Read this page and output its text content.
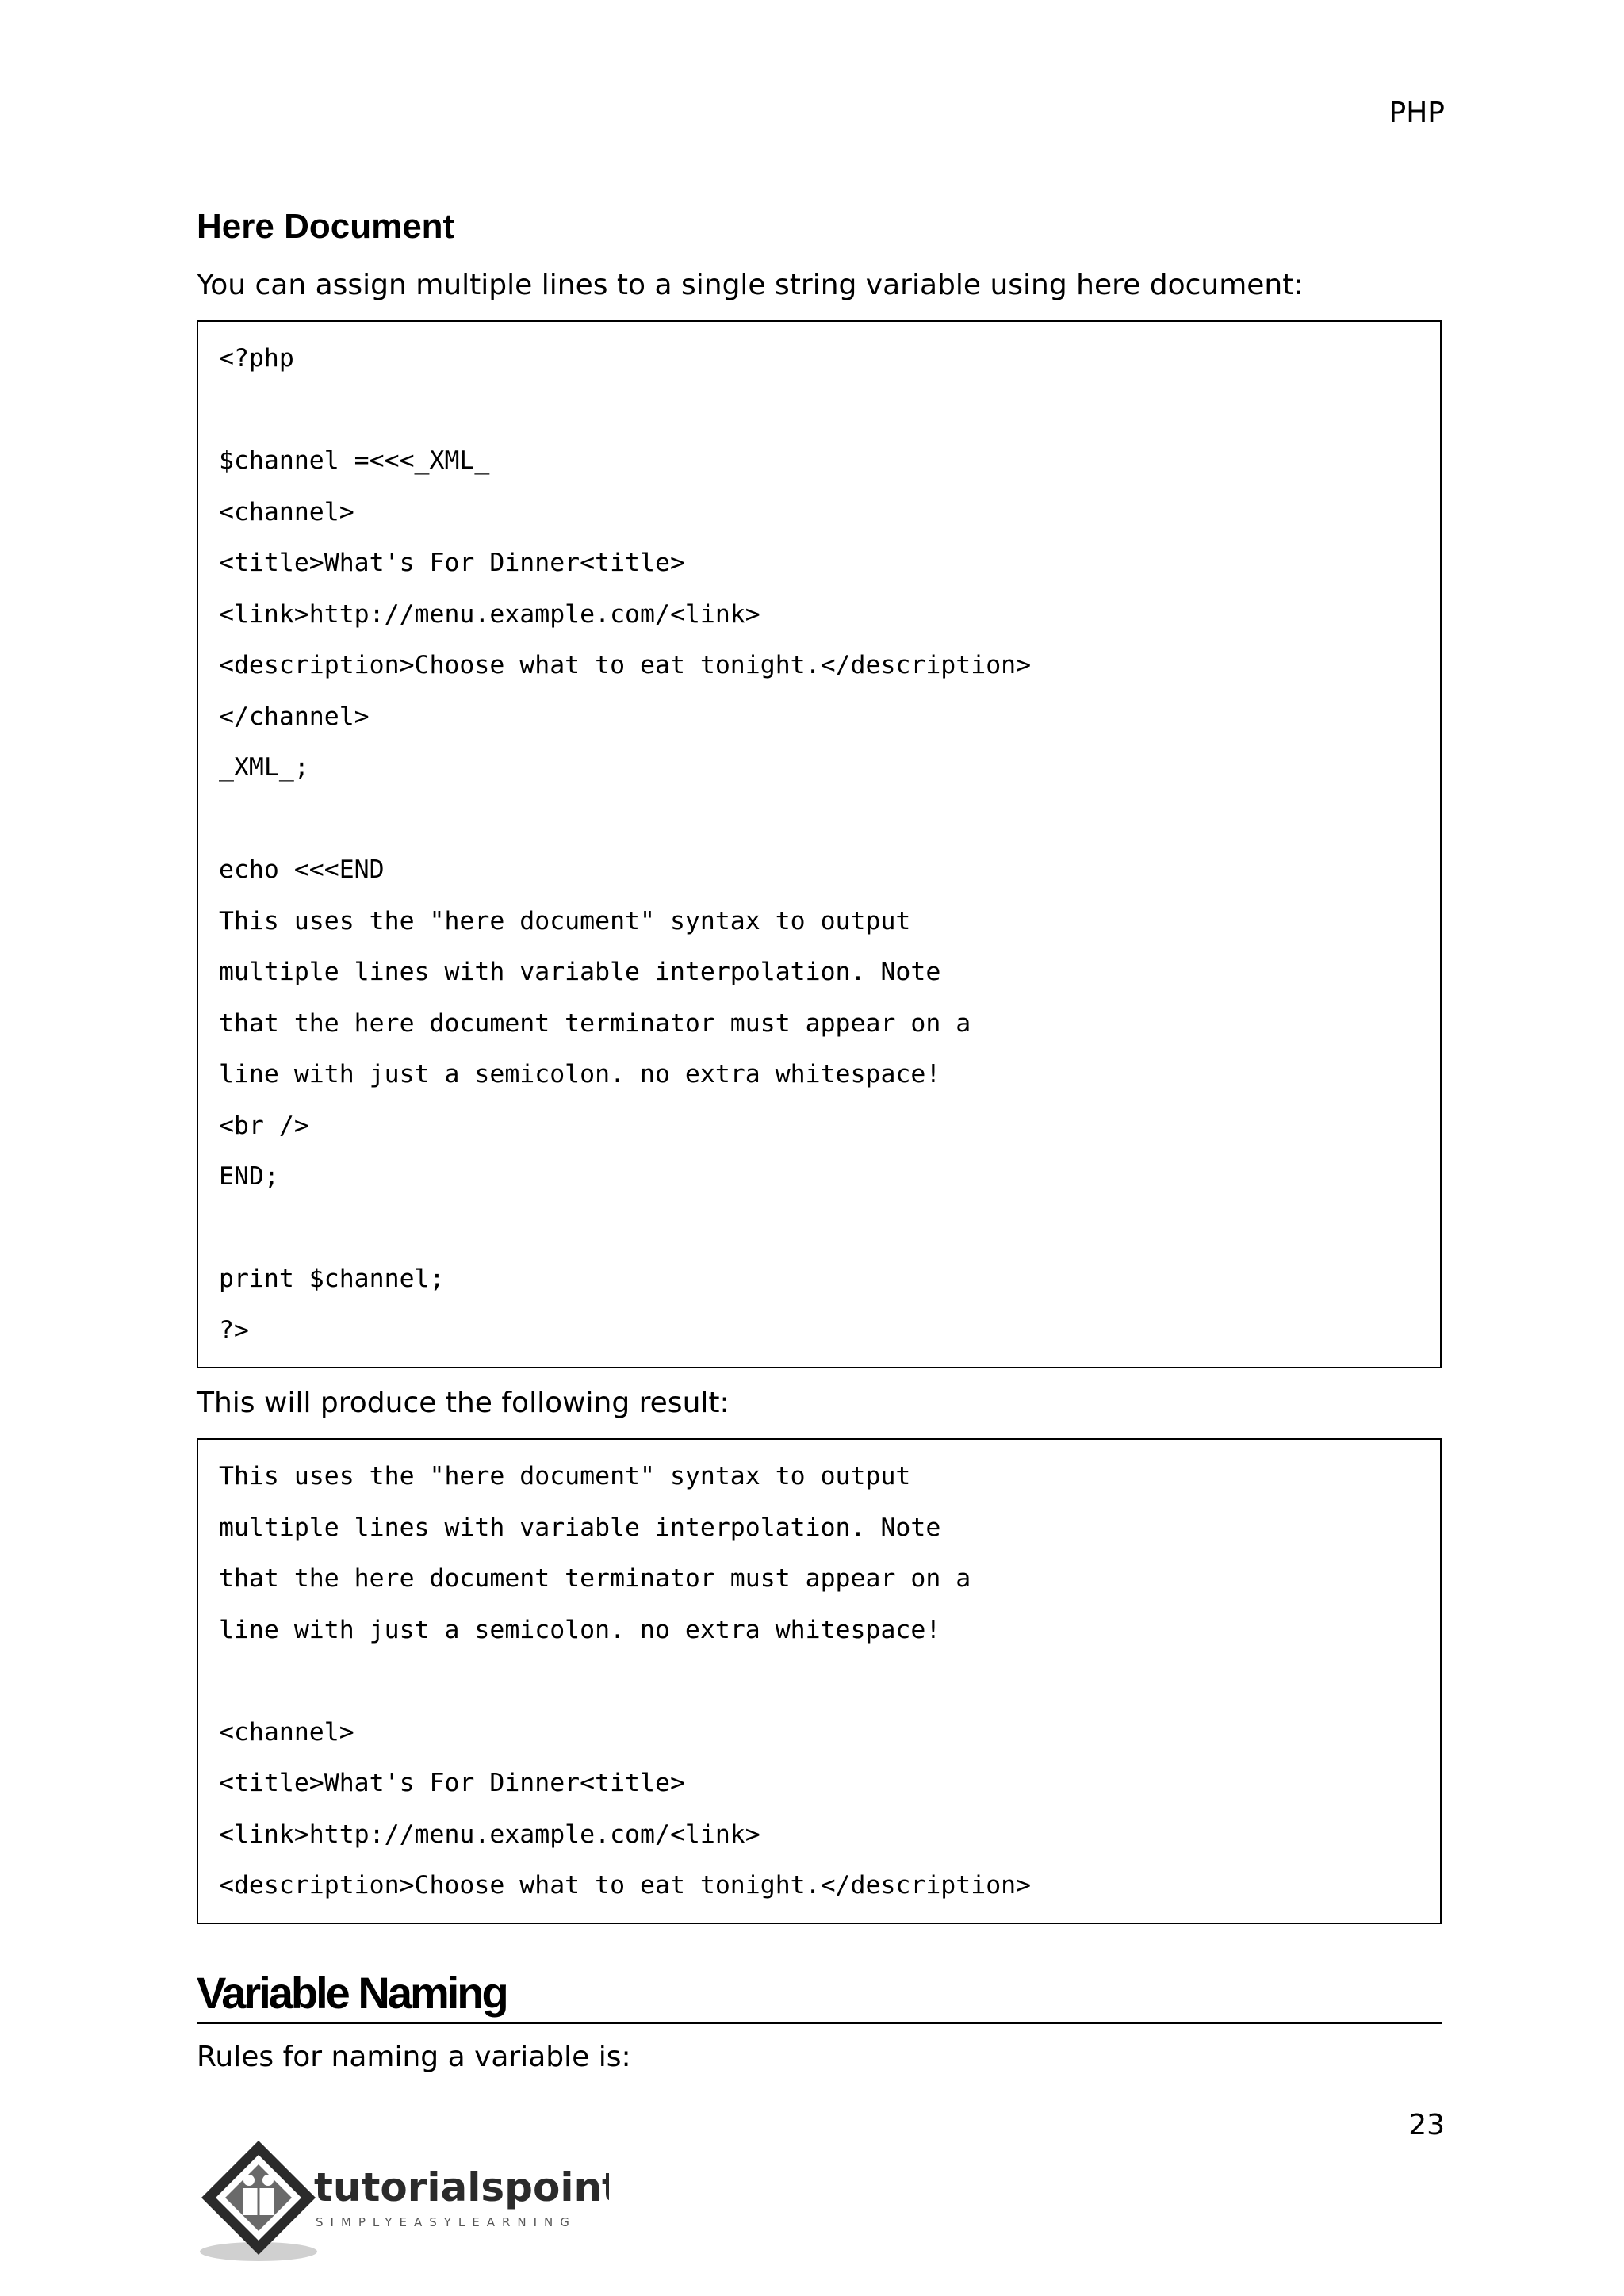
PHP
Here Document

You can assign multiple lines to a single string variable using here document:

<?php
$channel =<<<_XML_
<channel>
<title>What's For Dinner<title>
<link>http://menu.example.com/<link>
<description>Choose what to eat tonight.</description>
</channel>
_XML_;
echo <<<END
This uses the "here document" syntax to output
multiple lines with variable interpolation. Note
that the here document terminator must appear on a
line with just a semicolon. no extra whitespace!
<br />
END;
print $channel;
?>

This will produce the following result:

This uses the "here document" syntax to output
multiple lines with variable interpolation. Note
that the here document terminator must appear on a
line with just a semicolon. no extra whitespace!
<channel>
<title>What's For Dinner<title>
<link>http://menu.example.com/<link>
<description>Choose what to eat tonight.</description>
Variable Naming

Rules for naming a variable is:

23
tutorialspoint
SIMPLYEASYLEARNING
